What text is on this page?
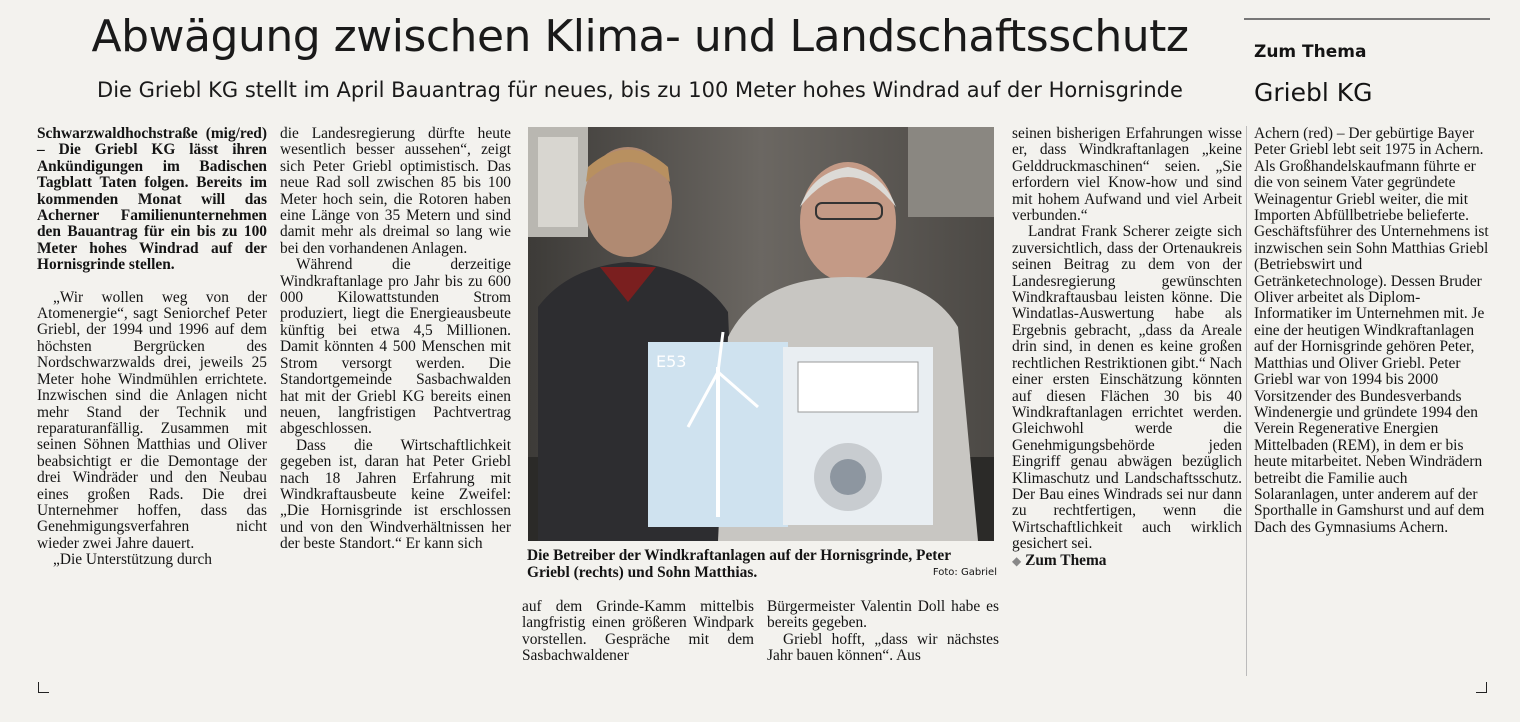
Abwägung zwischen Klima- und Landschaftsschutz
Die Griebl KG stellt im April Bauantrag für neues, bis zu 100 Meter hohes Windrad auf der Hornisgrinde
Zum Thema
Griebl KG

Schwarzwaldhochstraße (mig/red) – Die Griebl KG lässt ihren Ankündigungen im Badischen Tagblatt Taten folgen. Bereits im kommenden Monat will das Acherner Familienunternehmen den Bauantrag für ein bis zu 100 Meter hohes Windrad auf der Hornisgrinde stellen.

„Wir wollen weg von der Atomenergie“, sagt Seniorchef Peter Griebl, der 1994 und 1996 auf dem höchsten Bergrücken des Nordschwarzwalds drei, jeweils 25 Meter hohe Windmühlen errichtete. Inzwischen sind die Anlagen nicht mehr Stand der Technik und reparaturanfällig. Zusammen mit seinen Söhnen Matthias und Oliver beabsichtigt er die Demontage der drei Windräder und den Neubau eines großen Rads. Die drei Unternehmer hoffen, dass das Genehmigungsverfahren nicht wieder zwei Jahre dauert.

„Die Unterstützung durch

die Landesregierung dürfte heute wesentlich besser aussehen“, zeigt sich Peter Griebl optimistisch. Das neue Rad soll zwischen 85 bis 100 Meter hoch sein, die Rotoren haben eine Länge von 35 Metern und sind damit mehr als dreimal so lang wie bei den vorhandenen Anlagen.

Während die derzeitige Windkraftanlage pro Jahr bis zu 600 000 Kilowattstunden Strom produziert, liegt die Energieausbeute künftig bei etwa 4,5 Millionen. Damit könnten 4 500 Menschen mit Strom versorgt werden. Die Standortgemeinde Sasbachwalden hat mit der Griebl KG bereits einen neuen, langfristigen Pachtvertrag abgeschlossen.

Dass die Wirtschaftlichkeit gegeben ist, daran hat Peter Griebl nach 18 Jahren Erfahrung mit Windkraftausbeute keine Zweifel: „Die Hornisgrinde ist erschlossen und von den Windverhältnissen her der beste Standort.“ Er kann sich

E53
Die Betreiber der Windkraftanlagen auf der Hornisgrinde, Peter Griebl (rechts) und Sohn Matthias.	Foto: Gabriel

auf dem Grinde-Kamm mittelbis langfristig einen größeren Windpark vorstellen. Gespräche mit dem Sasbachwaldener

Bürgermeister Valentin Doll habe es bereits gegeben.

Griebl hofft, „dass wir nächstes Jahr bauen können“. Aus

seinen bisherigen Erfahrungen wisse er, dass Windkraftanlagen „keine Gelddruckmaschinen“ seien. „Sie erfordern viel Know-how und sind mit hohem Aufwand und viel Arbeit verbunden.“

Landrat Frank Scherer zeigte sich zuversichtlich, dass der Ortenaukreis seinen Beitrag zu dem von der Landesregierung gewünschten Windkraftausbau leisten könne. Die Windatlas-Auswertung habe als Ergebnis gebracht, „dass da Areale drin sind, in denen es keine großen rechtlichen Restriktionen gibt.“ Nach einer ersten Einschätzung könnten auf diesen Flächen 30 bis 40 Windkraftanlagen errichtet werden. Gleichwohl werde die Genehmigungsbehörde jeden Eingriff genau abwägen bezüglich Klimaschutz und Landschaftsschutz. Der Bau eines Windrads sei nur dann zu rechtfertigen, wenn die Wirtschaftlichkeit auch wirklich gesichert sei.

◆ Zum Thema

Achern (red) – Der gebürtige Bayer Peter Griebl lebt seit 1975 in Achern. Als Großhandelskaufmann führte er die von seinem Vater gegründete Weinagentur Griebl weiter, die mit Importen Abfüllbetriebe belieferte. Geschäftsführer des Unternehmens ist inzwischen sein Sohn Matthias Griebl (Betriebswirt und Getränketechnologe). Dessen Bruder Oliver arbeitet als Diplom-Informatiker im Unternehmen mit. Je eine der heutigen Windkraftanlagen auf der Hornisgrinde gehören Peter, Matthias und Oliver Griebl. Peter Griebl war von 1994 bis 2000 Vorsitzender des Bundesverbands Windenergie und gründete 1994 den Verein Regenerative Energien Mittelbaden (REM), in dem er bis heute mitarbeitet. Neben Windrädern betreibt die Familie auch Solaranlagen, unter anderem auf der Sporthalle in Gamshurst und auf dem Dach des Gymnasiums Achern.
